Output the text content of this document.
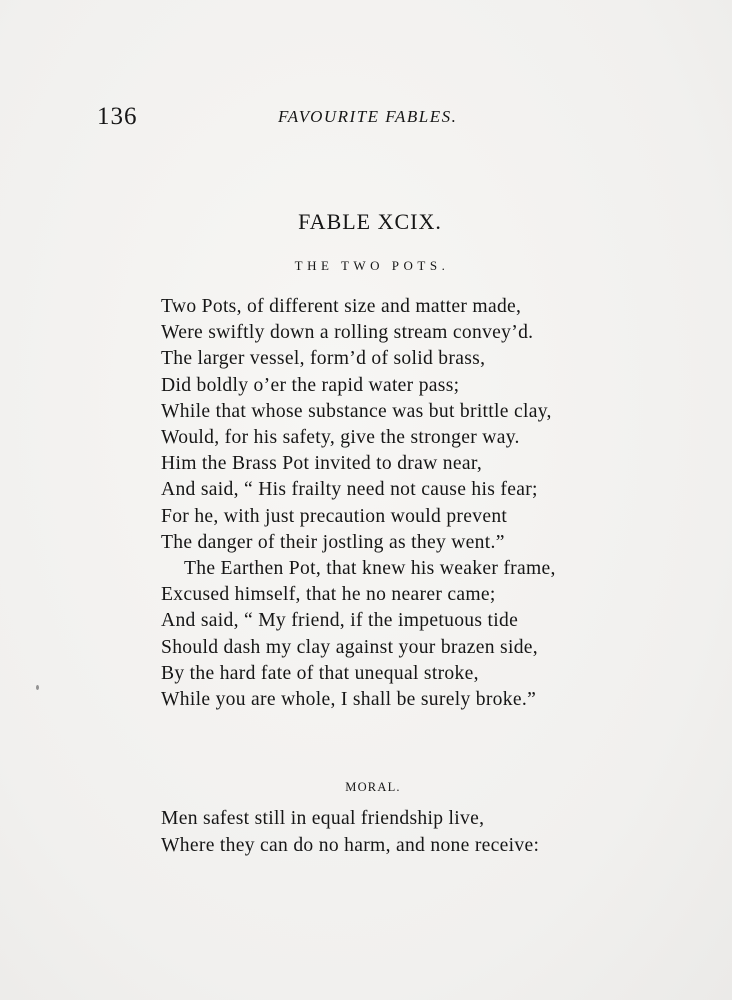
136	FAVOURITE FABLES.
FABLE XCIX.
THE TWO POTS.
Two Pots, of different size and matter made,
Were swiftly down a rolling stream convey’d.
The larger vessel, form’d of solid brass,
Did boldly o’er the rapid water pass;
While that whose substance was but brittle clay,
Would, for his safety, give the stronger way.
Him the Brass Pot invited to draw near,
And said, “ His frailty need not cause his fear;
For he, with just precaution would prevent
The danger of their jostling as they went.”
The Earthen Pot, that knew his weaker frame,
Excused himself, that he no nearer came;
And said, “ My friend, if the impetuous tide
Should dash my clay against your brazen side,
By the hard fate of that unequal stroke,
While you are whole, I shall be surely broke.”
MORAL.
Men safest still in equal friendship live,
Where they can do no harm, and none receive:
